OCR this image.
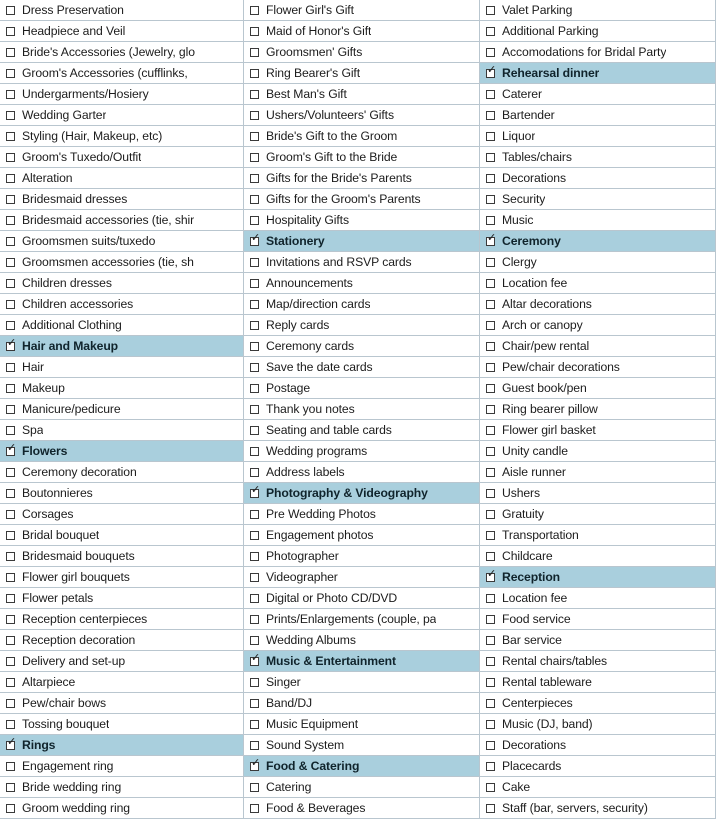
Dress Preservation
Headpiece and Veil
Bride's Accessories (Jewelry, glo
Groom's Accessories (cufflinks,
Undergarments/Hosiery
Wedding Garter
Styling (Hair, Makeup, etc)
Groom's Tuxedo/Outfit
Alteration
Bridesmaid dresses
Bridesmaid accessories (tie, shir
Groomsmen suits/tuxedo
Groomsmen accessories (tie, sh
Children dresses
Children accessories
Additional Clothing
✓
Hair and Makeup
Hair
Makeup
Manicure/pedicure
Spa
✓
Flowers
Ceremony decoration
Boutonnieres
Corsages
Bridal bouquet
Bridesmaid bouquets
Flower girl bouquets
Flower petals
Reception centerpieces
Reception decoration
Delivery and set-up
Altarpiece
Pew/chair bows
Tossing bouquet
✓
Rings
Engagement ring
Bride wedding ring
Groom wedding ring
Flower Girl's Gift
Maid of Honor's Gift
Groomsmen' Gifts
Ring Bearer's Gift
Best Man's Gift
Ushers/Volunteers' Gifts
Bride's Gift to the Groom
Groom's Gift to the Bride
Gifts for the Bride's Parents
Gifts for the Groom's Parents
Hospitality Gifts
✓
Stationery
Invitations and RSVP cards
Announcements
Map/direction cards
Reply cards
Ceremony cards
Save the date cards
Postage
Thank you notes
Seating and table cards
Wedding programs
Address labels
✓
Photography & Videography
Pre Wedding Photos
Engagement photos
Photographer
Videographer
Digital or Photo CD/DVD
Prints/Enlargements (couple, pa
Wedding Albums
✓
Music & Entertainment
Singer
Band/DJ
Music Equipment
Sound System
✓
Food & Catering
Catering
Food & Beverages
Valet Parking
Additional Parking
Accomodations for Bridal Party
✓
Rehearsal dinner
Caterer
Bartender
Liquor
Tables/chairs
Decorations
Security
Music
✓
Ceremony
Clergy
Location fee
Altar decorations
Arch or canopy
Chair/pew rental
Pew/chair decorations
Guest book/pen
Ring bearer pillow
Flower girl basket
Unity candle
Aisle runner
Ushers
Gratuity
Transportation
Childcare
✓
Reception
Location fee
Food service
Bar service
Rental chairs/tables
Rental tableware
Centerpieces
Music (DJ, band)
Decorations
Placecards
Cake
Staff (bar, servers, security)
